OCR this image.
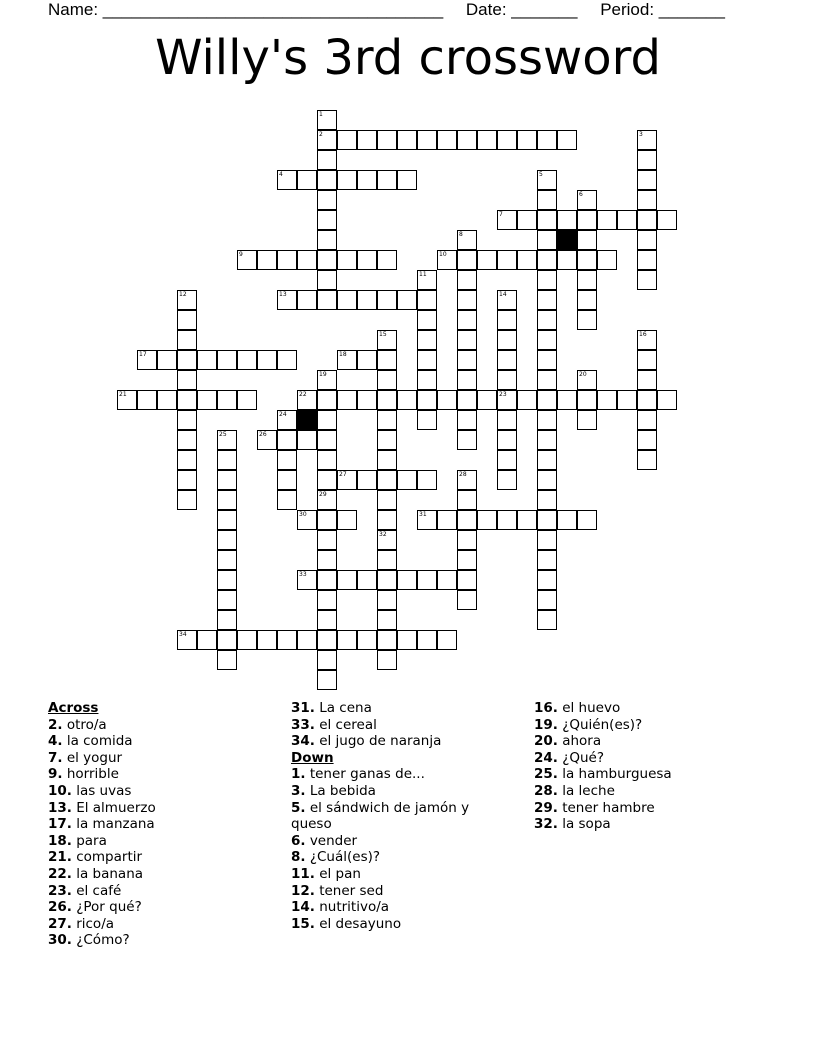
Name: ____________________________________ Date: _______ Period: _______
Willy's 3rd crossword
2
4
7
9	10
13
17	18
21	22	23
26
27
30	31
33
34
1
3
5
6
8
11
12	14
15
32
16
19
29
20
24
25
28
Across
2. otro/a
4. la comida
7. el yogur
9. horrible
10. las uvas
13. El almuerzo
17. la manzana
18. para
21. compartir
22. la banana
23. el café
26. ¿Por qué?
27. rico/a
30. ¿Cómo?
31. La cena
33. el cereal
34. el jugo de naranja
Down
1. tener ganas de...
3. La bebida
5. el sándwich de jamón y queso
6. vender
8. ¿Cuál(es)?
11. el pan
12. tener sed
14. nutritivo/a
15. el desayuno
16. el huevo
19. ¿Quién(es)?
20. ahora
24. ¿Qué?
25. la hamburguesa
28. la leche
29. tener hambre
32. la sopa
